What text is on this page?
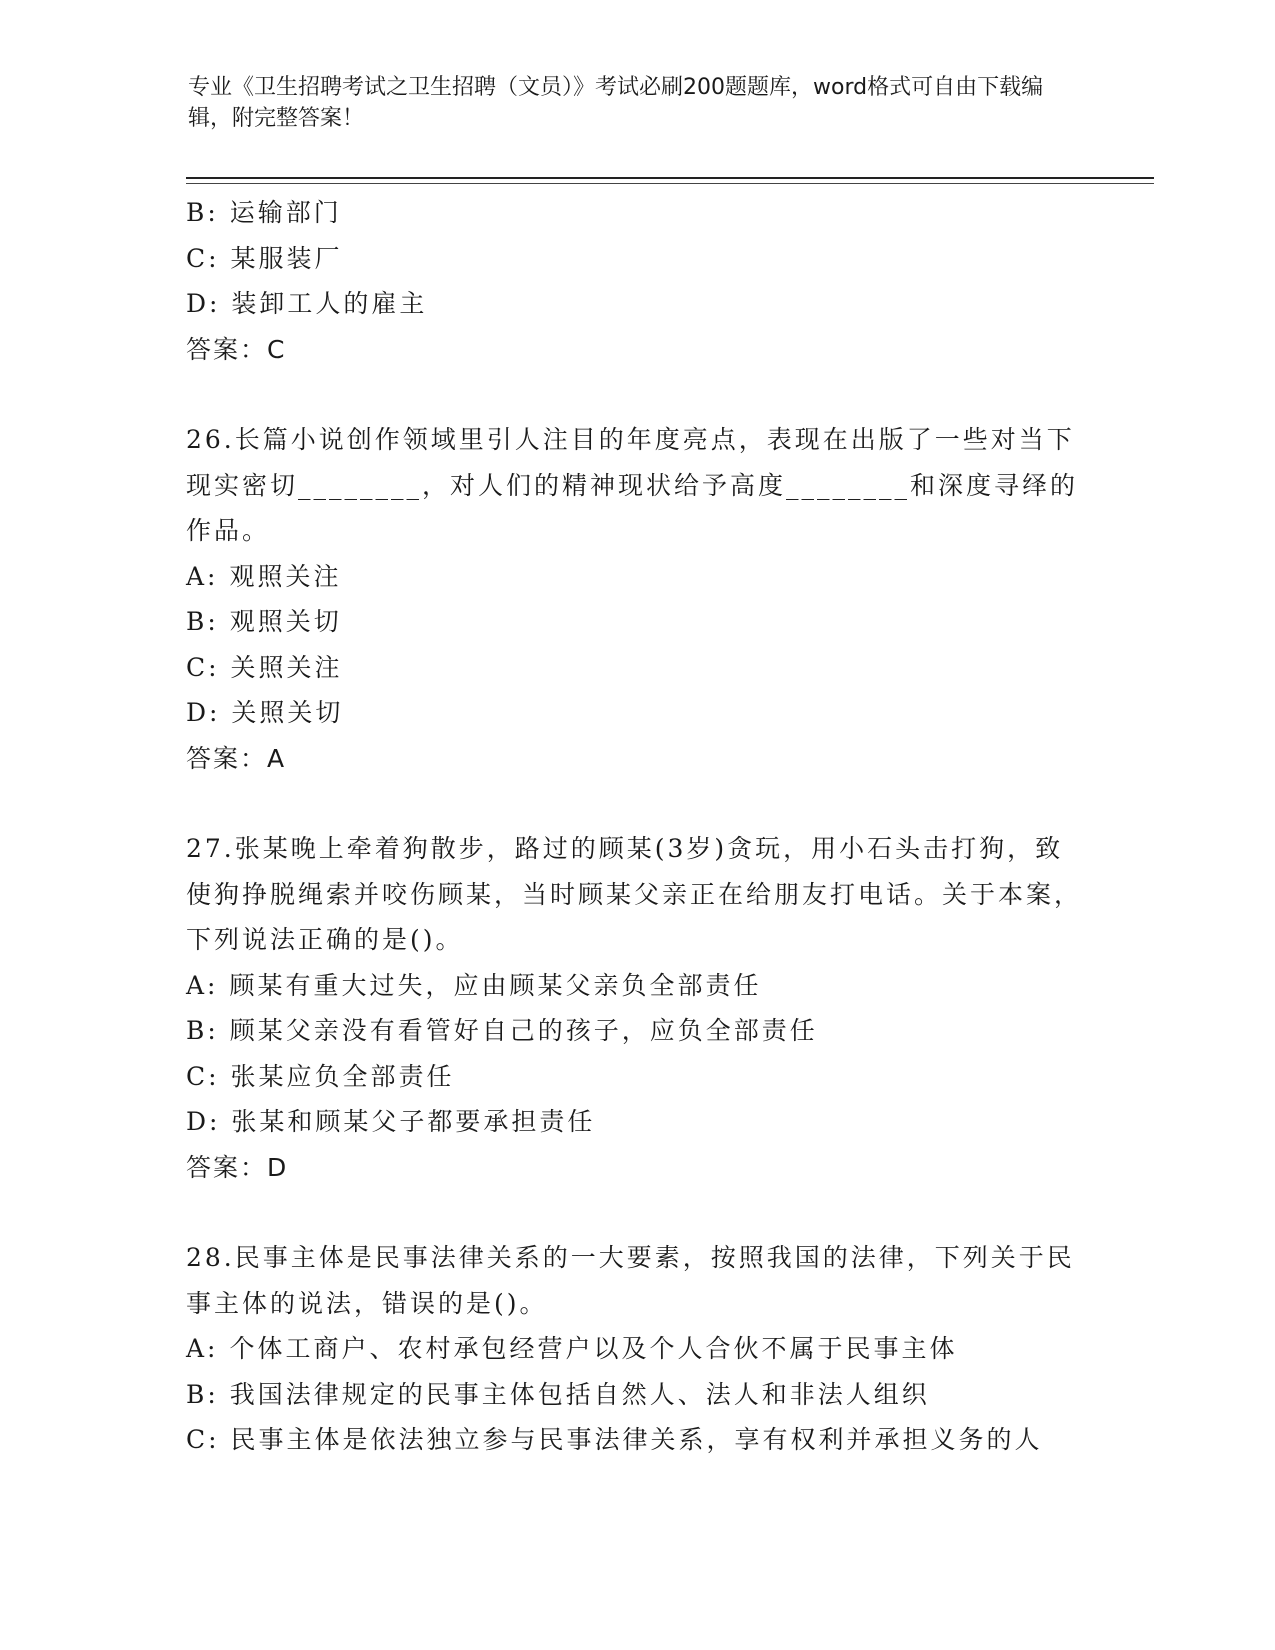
专业《卫生招聘考试之卫生招聘（文员）》考试必刷200题题库，word格式可自由下载编辑，附完整答案！
B: 运输部门
C: 某服装厂
D: 装卸工人的雇主
答案：C
26.长篇小说创作领域里引人注目的年度亮点，表现在出版了一些对当下现实密切________，对人们的精神现状给予高度________和深度寻绎的作品。
A: 观照关注
B: 观照关切
C: 关照关注
D: 关照关切
答案：A
27.张某晚上牵着狗散步，路过的顾某(3岁)贪玩，用小石头击打狗，致使狗挣脱绳索并咬伤顾某，当时顾某父亲正在给朋友打电话。关于本案，下列说法正确的是()。
A: 顾某有重大过失，应由顾某父亲负全部责任
B: 顾某父亲没有看管好自己的孩子，应负全部责任
C: 张某应负全部责任
D: 张某和顾某父子都要承担责任
答案：D
28.民事主体是民事法律关系的一大要素，按照我国的法律，下列关于民事主体的说法，错误的是()。
A: 个体工商户、农村承包经营户以及个人合伙不属于民事主体
B: 我国法律规定的民事主体包括自然人、法人和非法人组织
C: 民事主体是依法独立参与民事法律关系，享有权利并承担义务的人
